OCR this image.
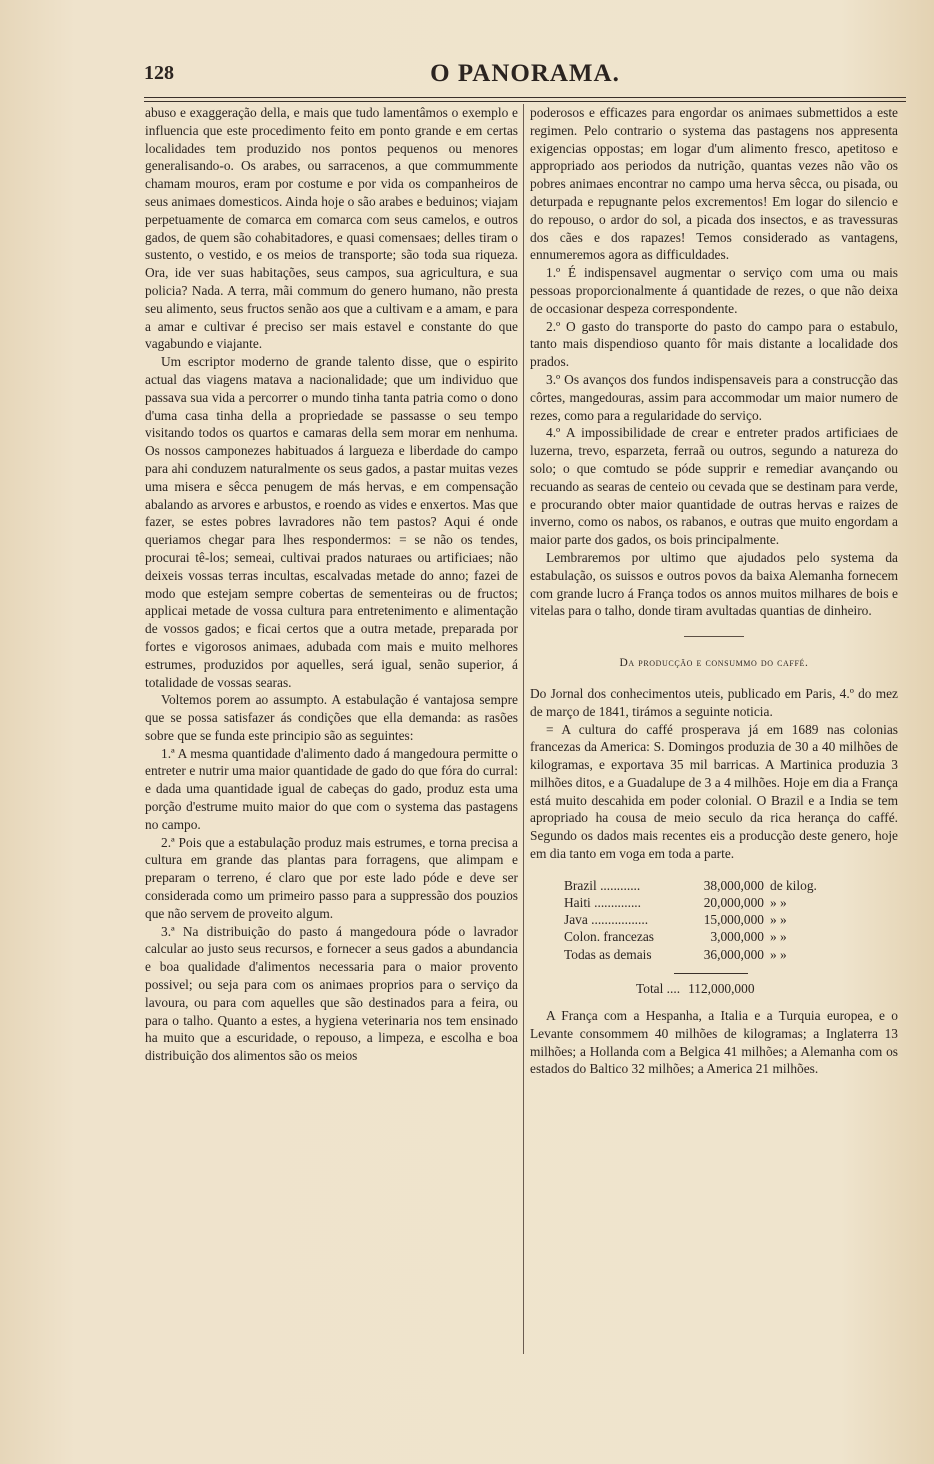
128	O PANORAMA.

abuso e exaggeração della, e mais que tudo lamentâmos o exemplo e influencia que este procedimento feito em ponto grande e em certas localidades tem produzido nos pontos pequenos ou menores generalisando-o. Os arabes, ou sarracenos, a que commummente chamam mouros, eram por costume e por vida os companheiros de seus animaes domesticos. Ainda hoje o são arabes e beduinos; viajam perpetuamente de comarca em comarca com seus camelos, e outros gados, de quem são cohabitadores, e quasi comensaes; delles tiram o sustento, o vestido, e os meios de transporte; são toda sua riqueza. Ora, ide ver suas habitações, seus campos, sua agricultura, e sua policia? Nada. A terra, mãi commum do genero humano, não presta seu alimento, seus fructos senão aos que a cultivam e a amam, e para a amar e cultivar é preciso ser mais estavel e constante do que vagabundo e viajante.

Um escriptor moderno de grande talento disse, que o espirito actual das viagens matava a nacionalidade; que um individuo que passava sua vida a percorrer o mundo tinha tanta patria como o dono d'uma casa tinha della a propriedade se passasse o seu tempo visitando todos os quartos e camaras della sem morar em nenhuma. Os nossos camponezes habituados á largueza e liberdade do campo para ahi conduzem naturalmente os seus gados, a pastar muitas vezes uma misera e sêcca penugem de más hervas, e em compensação abalando as arvores e arbustos, e roendo as vides e enxertos. Mas que fazer, se estes pobres lavradores não tem pastos? Aqui é onde queriamos chegar para lhes respondermos: = se não os tendes, procurai tê-los; semeai, cultivai prados naturaes ou artificiaes; não deixeis vossas terras incultas, escalvadas metade do anno; fazei de modo que estejam sempre cobertas de sementeiras ou de fructos; applicai metade de vossa cultura para entretenimento e alimentação de vossos gados; e ficai certos que a outra metade, preparada por fortes e vigorosos animaes, adubada com mais e muito melhores estrumes, produzidos por aquelles, será igual, senão superior, á totalidade de vossas searas.

Voltemos porem ao assumpto. A estabulação é vantajosa sempre que se possa satisfazer ás condições que ella demanda: as rasões sobre que se funda este principio são as seguintes:

1.ª A mesma quantidade d'alimento dado á mangedoura permitte o entreter e nutrir uma maior quantidade de gado do que fóra do curral: e dada uma quantidade igual de cabeças do gado, produz esta uma porção d'estrume muito maior do que com o systema das pastagens no campo.

2.ª Pois que a estabulação produz mais estrumes, e torna precisa a cultura em grande das plantas para forragens, que alimpam e preparam o terreno, é claro que por este lado póde e deve ser considerada como um primeiro passo para a suppressão dos pouzios que não servem de proveito algum.

3.ª Na distribuição do pasto á mangedoura póde o lavrador calcular ao justo seus recursos, e fornecer a seus gados a abundancia e boa qualidade d'alimentos necessaria para o maior provento possivel; ou seja para com os animaes proprios para o serviço da lavoura, ou para com aquelles que são destinados para a feira, ou para o talho. Quanto a estes, a hygiena veterinaria nos tem ensinado ha muito que a escuridade, o repouso, a limpeza, e escolha e boa distribuição dos alimentos são os meios

poderosos e efficazes para engordar os animaes submettidos a este regimen. Pelo contrario o systema das pastagens nos appresenta exigencias oppostas; em logar d'um alimento fresco, apetitoso e appropriado aos periodos da nutrição, quantas vezes não vão os pobres animaes encontrar no campo uma herva sêcca, ou pisada, ou deturpada e repugnante pelos excrementos! Em logar do silencio e do repouso, o ardor do sol, a picada dos insectos, e as travessuras dos cães e dos rapazes! Temos considerado as vantagens, ennumeremos agora as difficuldades.

1.º É indispensavel augmentar o serviço com uma ou mais pessoas proporcionalmente á quantidade de rezes, o que não deixa de occasionar despeza correspondente.

2.º O gasto do transporte do pasto do campo para o estabulo, tanto mais dispendioso quanto fôr mais distante a localidade dos prados.

3.º Os avanços dos fundos indispensaveis para a construcção das côrtes, mangedouras, assim para accommodar um maior numero de rezes, como para a regularidade do serviço.

4.º A impossibilidade de crear e entreter prados artificiaes de luzerna, trevo, esparzeta, ferraã ou outros, segundo a natureza do solo; o que comtudo se póde supprir e remediar avançando ou recuando as searas de centeio ou cevada que se destinam para verde, e procurando obter maior quantidade de outras hervas e raizes de inverno, como os nabos, os rabanos, e outras que muito engordam a maior parte dos gados, os bois principalmente.

Lembraremos por ultimo que ajudados pelo systema da estabulação, os suissos e outros povos da baixa Alemanha fornecem com grande lucro á França todos os annos muitos milhares de bois e vitelas para o talho, donde tiram avultadas quantias de dinheiro.

Da producção e consummo do caffé.

Do Jornal dos conhecimentos uteis, publicado em Paris, 4.º do mez de março de 1841, tirámos a seguinte noticia.

= A cultura do caffé prosperava já em 1689 nas colonias francezas da America: S. Domingos produzia de 30 a 40 milhões de kilogramas, e exportava 35 mil barricas. A Martinica produzia 3 milhões ditos, e a Guadalupe de 3 a 4 milhões. Hoje em dia a França está muito descahida em poder colonial. O Brazil e a India se tem apropriado ha cousa de meio seculo da rica herança do caffé. Segundo os dados mais recentes eis a producção deste genero, hoje em dia tanto em voga em toda a parte.

Brazil ............	38,000,000 de kilog.
Haiti ..............	20,000,000 » »
Java .................	15,000,000 » »
Colon. francezas	3,000,000 » »
Todas as demais	36,000,000 » »
Total .... 112,000,000

A França com a Hespanha, a Italia e a Turquia europea, e o Levante consommem 40 milhões de kilogramas; a Inglaterra 13 milhões; a Hollanda com a Belgica 41 milhões; a Alemanha com os estados do Baltico 32 milhões; a America 21 milhões.
